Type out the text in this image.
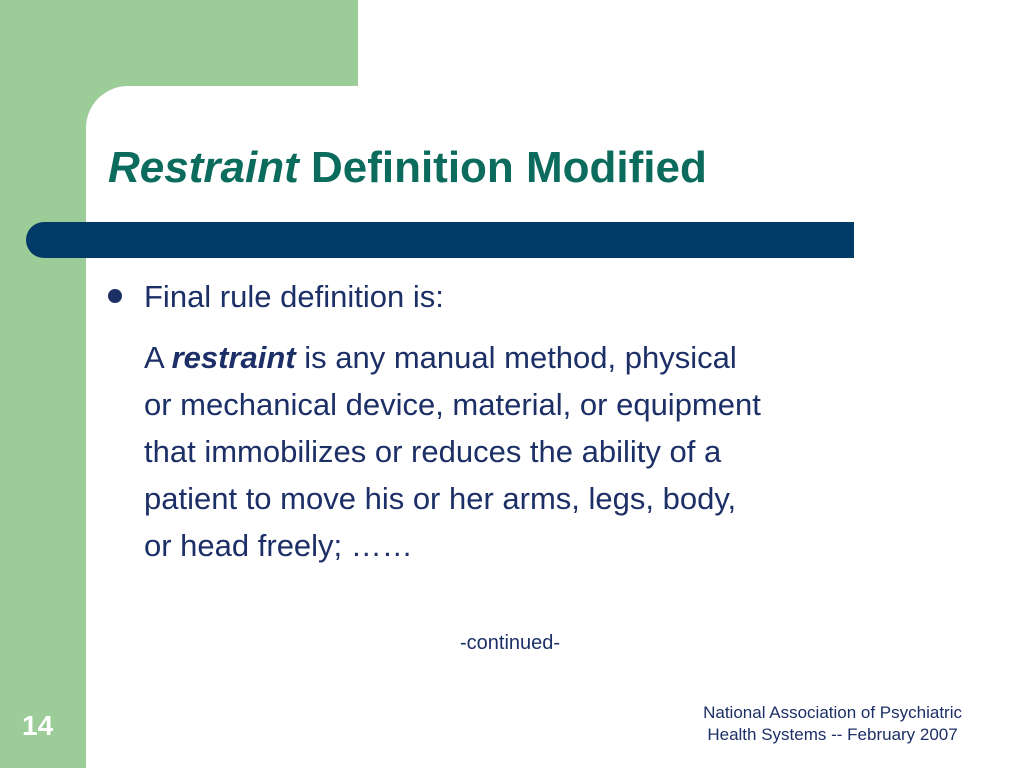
Restraint Definition Modified
Final rule definition is:
A restraint is any manual method, physical
or mechanical device, material, or equipment
that immobilizes or reduces the ability of a
patient to move his or her arms, legs, body,
or head freely; ……
-continued-
National Association of Psychiatric
Health Systems -- February 2007
14
